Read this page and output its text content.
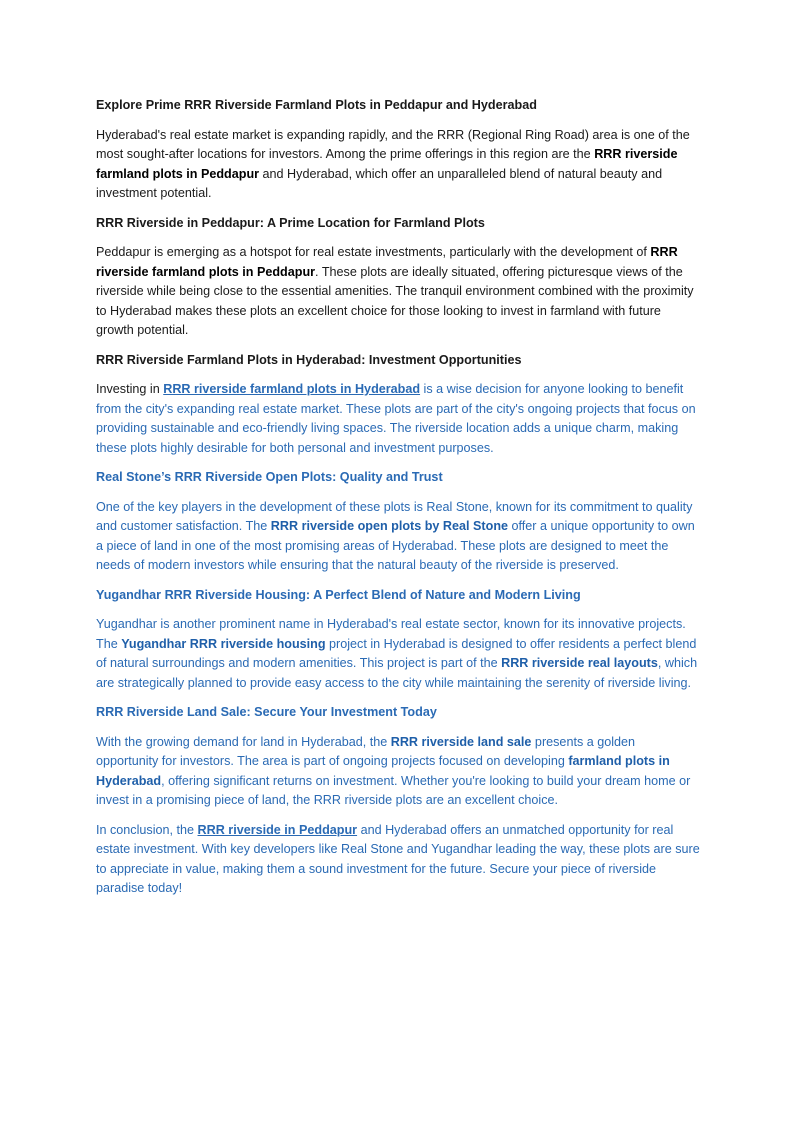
Explore Prime RRR Riverside Farmland Plots in Peddapur and Hyderabad

Hyderabad's real estate market is expanding rapidly, and the RRR (Regional Ring Road) area is one of the most sought-after locations for investors. Among the prime offerings in this region are the RRR riverside farmland plots in Peddapur and Hyderabad, which offer an unparalleled blend of natural beauty and investment potential.

RRR Riverside in Peddapur: A Prime Location for Farmland Plots

Peddapur is emerging as a hotspot for real estate investments, particularly with the development of RRR riverside farmland plots in Peddapur. These plots are ideally situated, offering picturesque views of the riverside while being close to the essential amenities. The tranquil environment combined with the proximity to Hyderabad makes these plots an excellent choice for those looking to invest in farmland with future growth potential.

RRR Riverside Farmland Plots in Hyderabad: Investment Opportunities

Investing in RRR riverside farmland plots in Hyderabad is a wise decision for anyone looking to benefit from the city's expanding real estate market. These plots are part of the city's ongoing projects that focus on providing sustainable and eco-friendly living spaces. The riverside location adds a unique charm, making these plots highly desirable for both personal and investment purposes.

Real Stone’s RRR Riverside Open Plots: Quality and Trust

One of the key players in the development of these plots is Real Stone, known for its commitment to quality and customer satisfaction. The RRR riverside open plots by Real Stone offer a unique opportunity to own a piece of land in one of the most promising areas of Hyderabad. These plots are designed to meet the needs of modern investors while ensuring that the natural beauty of the riverside is preserved.

Yugandhar RRR Riverside Housing: A Perfect Blend of Nature and Modern Living

Yugandhar is another prominent name in Hyderabad's real estate sector, known for its innovative projects. The Yugandhar RRR riverside housing project in Hyderabad is designed to offer residents a perfect blend of natural surroundings and modern amenities. This project is part of the RRR riverside real layouts, which are strategically planned to provide easy access to the city while maintaining the serenity of riverside living.

RRR Riverside Land Sale: Secure Your Investment Today

With the growing demand for land in Hyderabad, the RRR riverside land sale presents a golden opportunity for investors. The area is part of ongoing projects focused on developing farmland plots in Hyderabad, offering significant returns on investment. Whether you're looking to build your dream home or invest in a promising piece of land, the RRR riverside plots are an excellent choice.

In conclusion, the RRR riverside in Peddapur and Hyderabad offers an unmatched opportunity for real estate investment. With key developers like Real Stone and Yugandhar leading the way, these plots are sure to appreciate in value, making them a sound investment for the future. Secure your piece of riverside paradise today!
